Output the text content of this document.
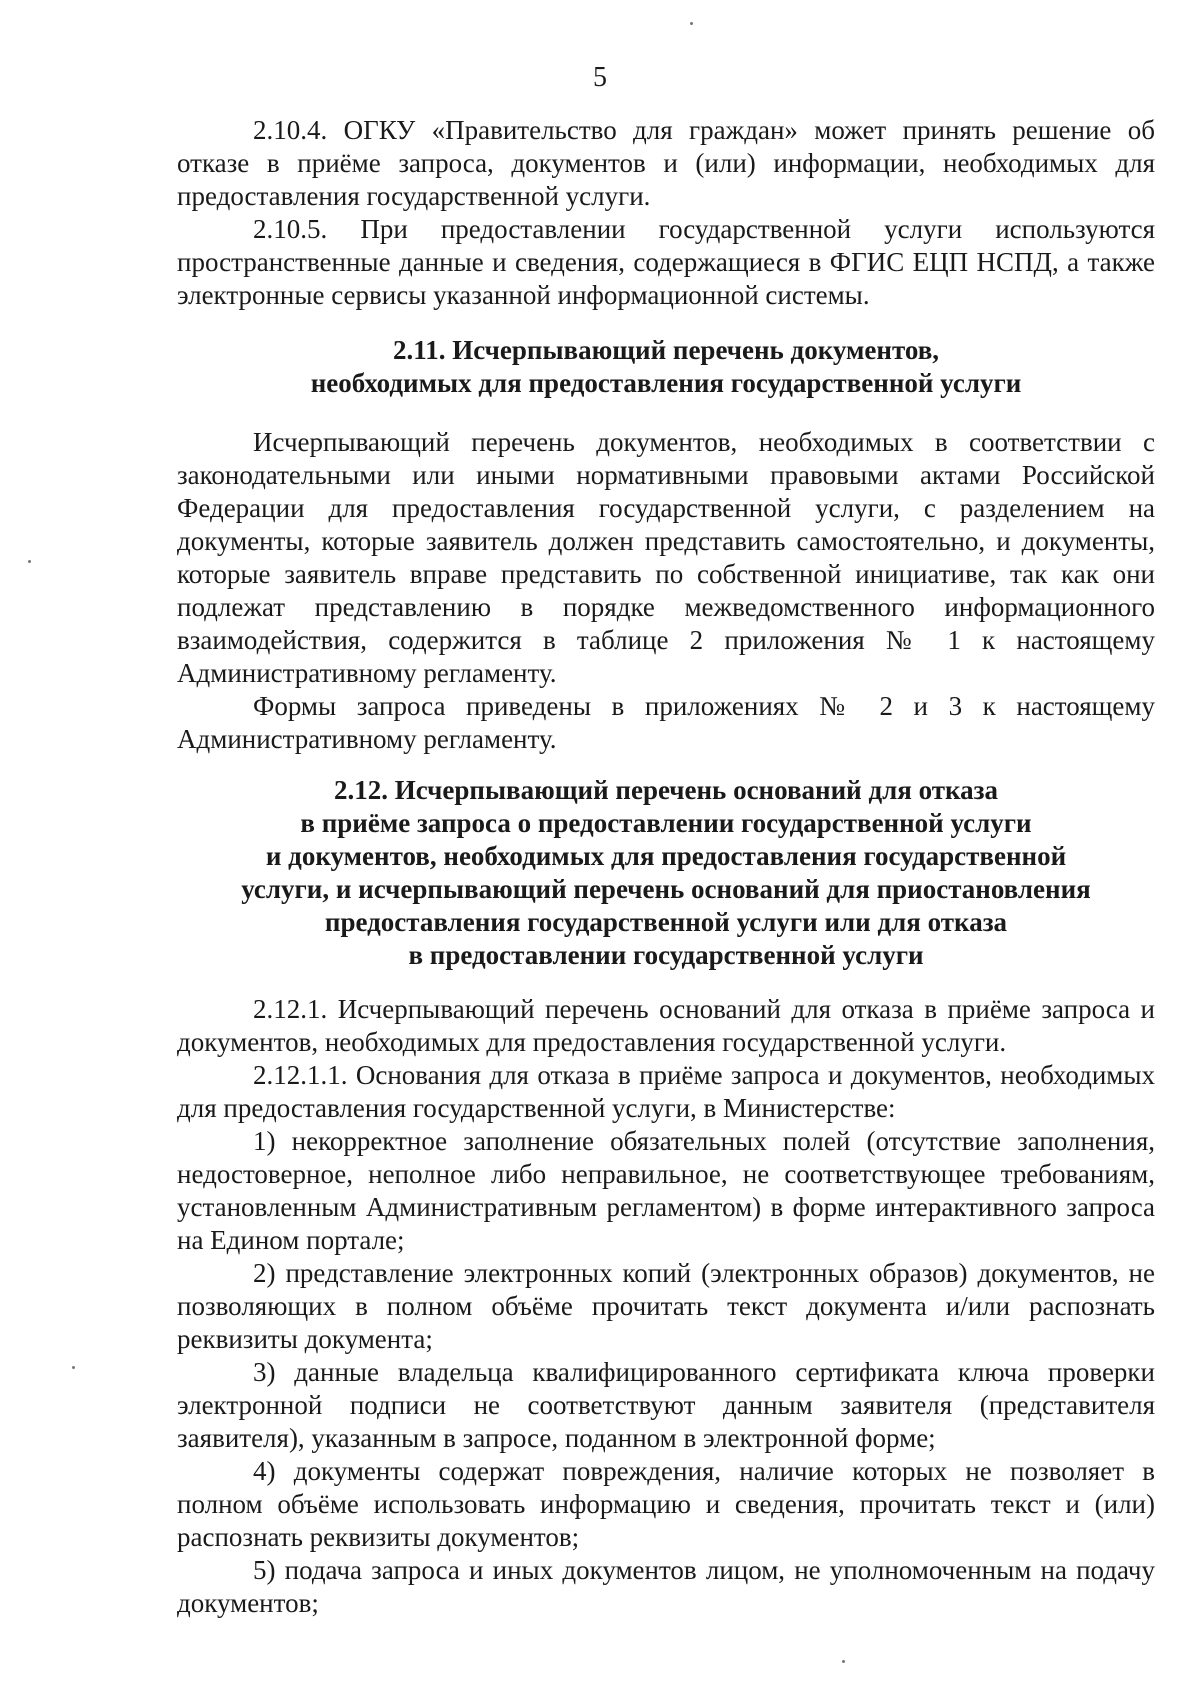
5

2.10.4. ОГКУ «Правительство для граждан» может принять решение об отказе в приёме запроса, документов и (или) информации, необходимых для предоставления государственной услуги.

2.10.5. При предоставлении государственной услуги используются пространственные данные и сведения, содержащиеся в ФГИС ЕЦП НСПД, а также электронные сервисы указанной информационной системы.

2.11. Исчерпывающий перечень документов,

необходимых для предоставления государственной услуги

Исчерпывающий перечень документов, необходимых в соответствии с законодательными или иными нормативными правовыми актами Российской Федерации для предоставления государственной услуги, с разделением на документы, которые заявитель должен представить самостоятельно, и документы, которые заявитель вправе представить по собственной инициативе, так как они подлежат представлению в порядке межведомственного информационного взаимодействия, содержится в таблице 2 приложения № 1 к настоящему Административному регламенту.

Формы запроса приведены в приложениях № 2 и 3 к настоящему Административному регламенту.

2.12. Исчерпывающий перечень оснований для отказа

в приёме запроса о предоставлении государственной услуги

и документов, необходимых для предоставления государственной

услуги, и исчерпывающий перечень оснований для приостановления

предоставления государственной услуги или для отказа

в предоставлении государственной услуги

2.12.1. Исчерпывающий перечень оснований для отказа в приёме запроса и документов, необходимых для предоставления государственной услуги.

2.12.1.1. Основания для отказа в приёме запроса и документов, необходимых для предоставления государственной услуги, в Министерстве:

1) некорректное заполнение обязательных полей (отсутствие заполнения, недостоверное, неполное либо неправильное, не соответствующее требованиям, установленным Административным регламентом) в форме интерактивного запроса на Едином портале;

2) представление электронных копий (электронных образов) документов, не позволяющих в полном объёме прочитать текст документа и/или распознать реквизиты документа;

3) данные владельца квалифицированного сертификата ключа проверки электронной подписи не соответствуют данным заявителя (представителя заявителя), указанным в запросе, поданном в электронной форме;

4) документы содержат повреждения, наличие которых не позволяет в полном объёме использовать информацию и сведения, прочитать текст и (или) распознать реквизиты документов;

5) подача запроса и иных документов лицом, не уполномоченным на подачу документов;
